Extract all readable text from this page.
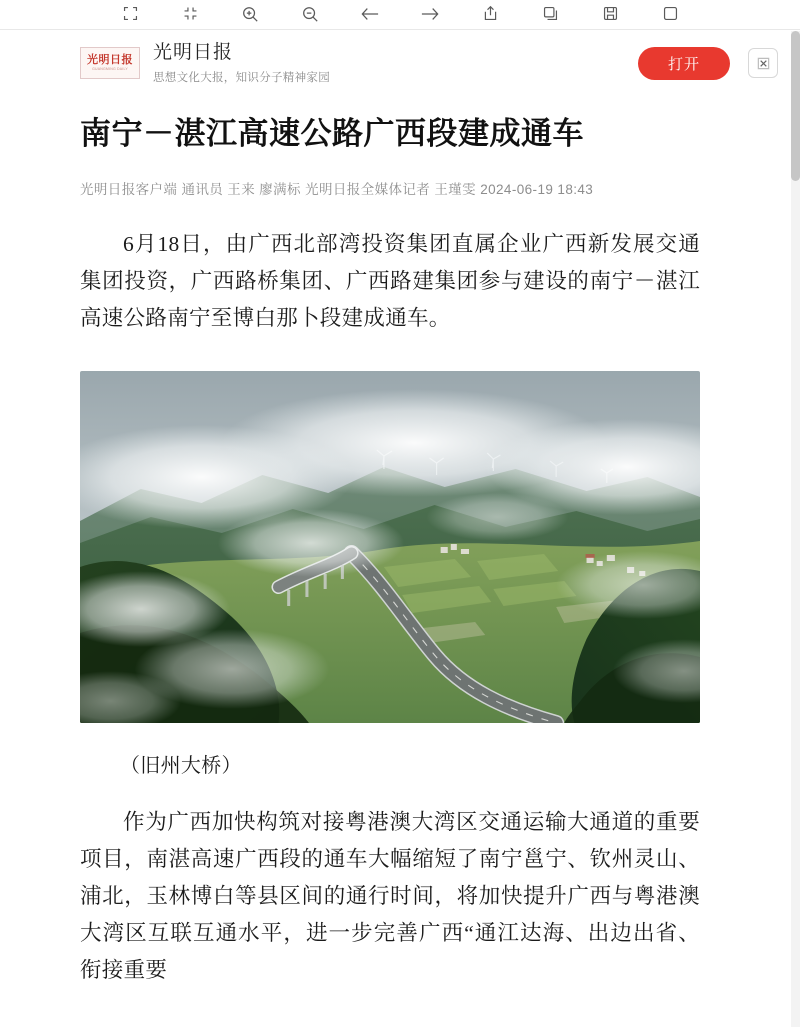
光明日报
GUANGMING DAILY
光明日报
思想文化大报，知识分子精神家园
打开
南宁－湛江高速公路广西段建成通车
光明日报客户端 通讯员 王来 廖满标 光明日报全媒体记者 王瑾雯 2024-06-19 18:43

6月18日，由广西北部湾投资集团直属企业广西新发展交通集团投资，广西路桥集团、广西路建集团参与建设的南宁－湛江高速公路南宁至博白那卜段建成通车。

（旧州大桥）

作为广西加快构筑对接粤港澳大湾区交通运输大通道的重要项目，南湛高速广西段的通车大幅缩短了南宁邕宁、钦州灵山、浦北，玉林博白等县区间的通行时间，将加快提升广西与粤港澳大湾区互联互通水平，进一步完善广西“通江达海、出边出省、衔接重要
